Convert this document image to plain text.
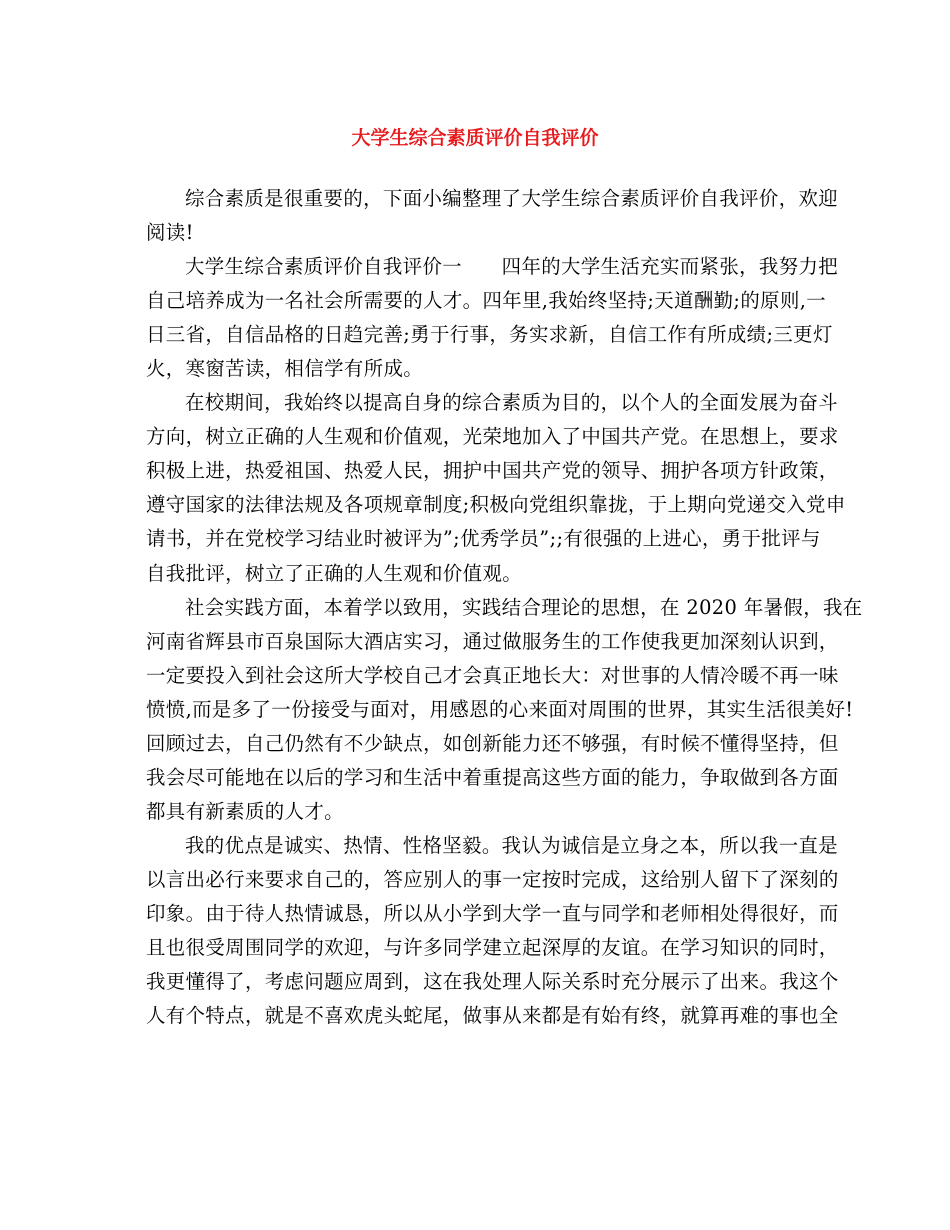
大学生综合素质评价自我评价
综合素质是很重要的，下面小编整理了大学生综合素质评价自我评价，欢迎
阅读!
大学生综合素质评价自我评价一　　四年的大学生活充实而紧张，我努力把
自己培养成为一名社会所需要的人才。四年里,我始终坚持;天道酬勤;的原则,一
日三省，自信品格的日趋完善;勇于行事，务实求新，自信工作有所成绩;三更灯
火，寒窗苦读，相信学有所成。
在校期间，我始终以提高自身的综合素质为目的，以个人的全面发展为奋斗
方向，树立正确的人生观和价值观，光荣地加入了中国共产党。在思想上，要求
积极上进，热爱祖国、热爱人民，拥护中国共产党的领导、拥护各项方针政策，
遵守国家的法律法规及各项规章制度;积极向党组织靠拢，于上期向党递交入党申
请书，并在党校学习结业时被评为”;优秀学员”;;有很强的上进心，勇于批评与
自我批评，树立了正确的人生观和价值观。
社会实践方面，本着学以致用，实践结合理论的思想，在 2020 年暑假，我在
河南省辉县市百泉国际大酒店实习，通过做服务生的工作使我更加深刻认识到，
一定要投入到社会这所大学校自己才会真正地长大：对世事的人情冷暖不再一味
愤愤,而是多了一份接受与面对，用感恩的心来面对周围的世界，其实生活很美好!
回顾过去，自己仍然有不少缺点，如创新能力还不够强，有时候不懂得坚持，但
我会尽可能地在以后的学习和生活中着重提高这些方面的能力，争取做到各方面
都具有新素质的人才。
我的优点是诚实、热情、性格坚毅。我认为诚信是立身之本，所以我一直是
以言出必行来要求自己的，答应别人的事一定按时完成，这给别人留下了深刻的
印象。由于待人热情诚恳，所以从小学到大学一直与同学和老师相处得很好，而
且也很受周围同学的欢迎，与许多同学建立起深厚的友谊。在学习知识的同时，
我更懂得了，考虑问题应周到，这在我处理人际关系时充分展示了出来。我这个
人有个特点，就是不喜欢虎头蛇尾，做事从来都是有始有终，就算再难的事也全
